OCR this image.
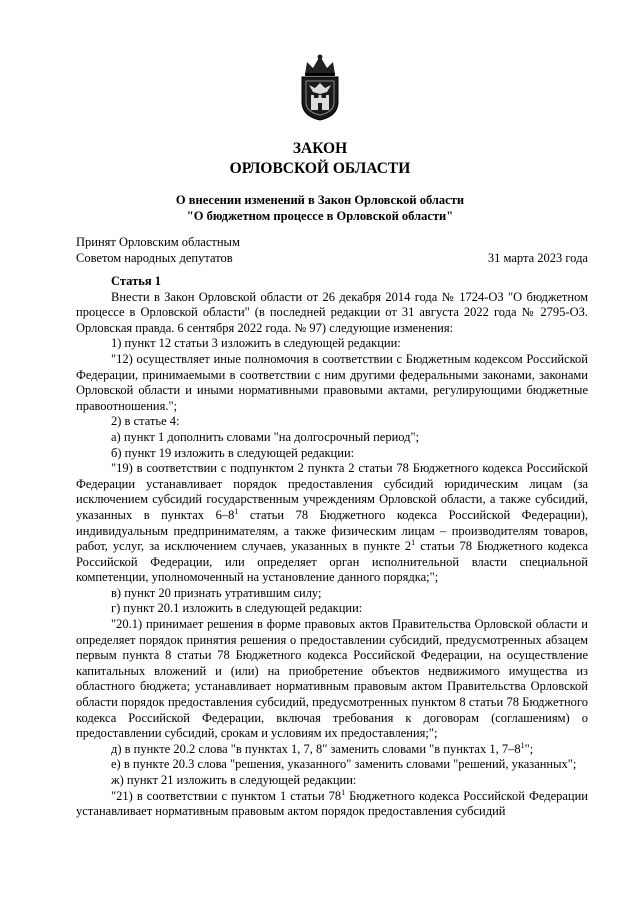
ЗАКОН
ОРЛОВСКОЙ ОБЛАСТИ
О внесении изменений в Закон Орловской области
"О бюджетном процессе в Орловской области"
Принят Орловским областным
Советом народных депутатов	31 марта 2023 года

Статья 1

Внести в Закон Орловской области от 26 декабря 2014 года № 1724-ОЗ "О бюджетном процессе в Орловской области" (в последней редакции от 31 августа 2022 года № 2795-ОЗ. Орловская правда. 6 сентября 2022 года. № 97) следующие изменения:

1) пункт 12 статьи 3 изложить в следующей редакции:

"12) осуществляет иные полномочия в соответствии с Бюджетным кодексом Российской Федерации, принимаемыми в соответствии с ним другими федеральными законами, законами Орловской области и иными нормативными правовыми актами, регулирующими бюджетные правоотношения.";

2) в статье 4:

а) пункт 1 дополнить словами "на долгосрочный период";

б) пункт 19 изложить в следующей редакции:

"19) в соответствии с подпунктом 2 пункта 2 статьи 78 Бюджетного кодекса Российской Федерации устанавливает порядок предоставления субсидий юридическим лицам (за исключением субсидий государственным учреждениям Орловской области, а также субсидий, указанных в пунктах $6-8^1$ статьи 78 Бюджетного кодекса Российской Федерации), индивидуальным предпринимателям, а также физическим лицам – производителям товаров, работ, услуг, за исключением случаев, указанных в пункте $2^1$ статьи 78 Бюджетного кодекса Российской Федерации, или определяет орган исполнительной власти специальной компетенции, уполномоченный на установление данного порядка;";

в) пункт 20 признать утратившим силу;

г) пункт 20.1 изложить в следующей редакции:

"20.1) принимает решения в форме правовых актов Правительства Орловской области и определяет порядок принятия решения о предоставлении субсидий, предусмотренных абзацем первым пункта 8 статьи 78 Бюджетного кодекса Российской Федерации, на осуществление капитальных вложений и (или) на приобретение объектов недвижимого имущества из областного бюджета; устанавливает нормативным правовым актом Правительства Орловской области порядок предоставления субсидий, предусмотренных пунктом 8 статьи 78 Бюджетного кодекса Российской Федерации, включая требования к договорам (соглашениям) о предоставлении субсидий, срокам и условиям их предоставления;";

д) в пункте 20.2 слова "в пунктах 1, 7, 8" заменить словами "в пунктах 1, $7-8^1$";

е) в пункте 20.3 слова "решения, указанного" заменить словами "решений, указанных";

ж) пункт 21 изложить в следующей редакции:

"21) в соответствии с пунктом 1 статьи $78^1$ Бюджетного кодекса Российской Федерации устанавливает нормативным правовым актом порядок предоставления субсидий
